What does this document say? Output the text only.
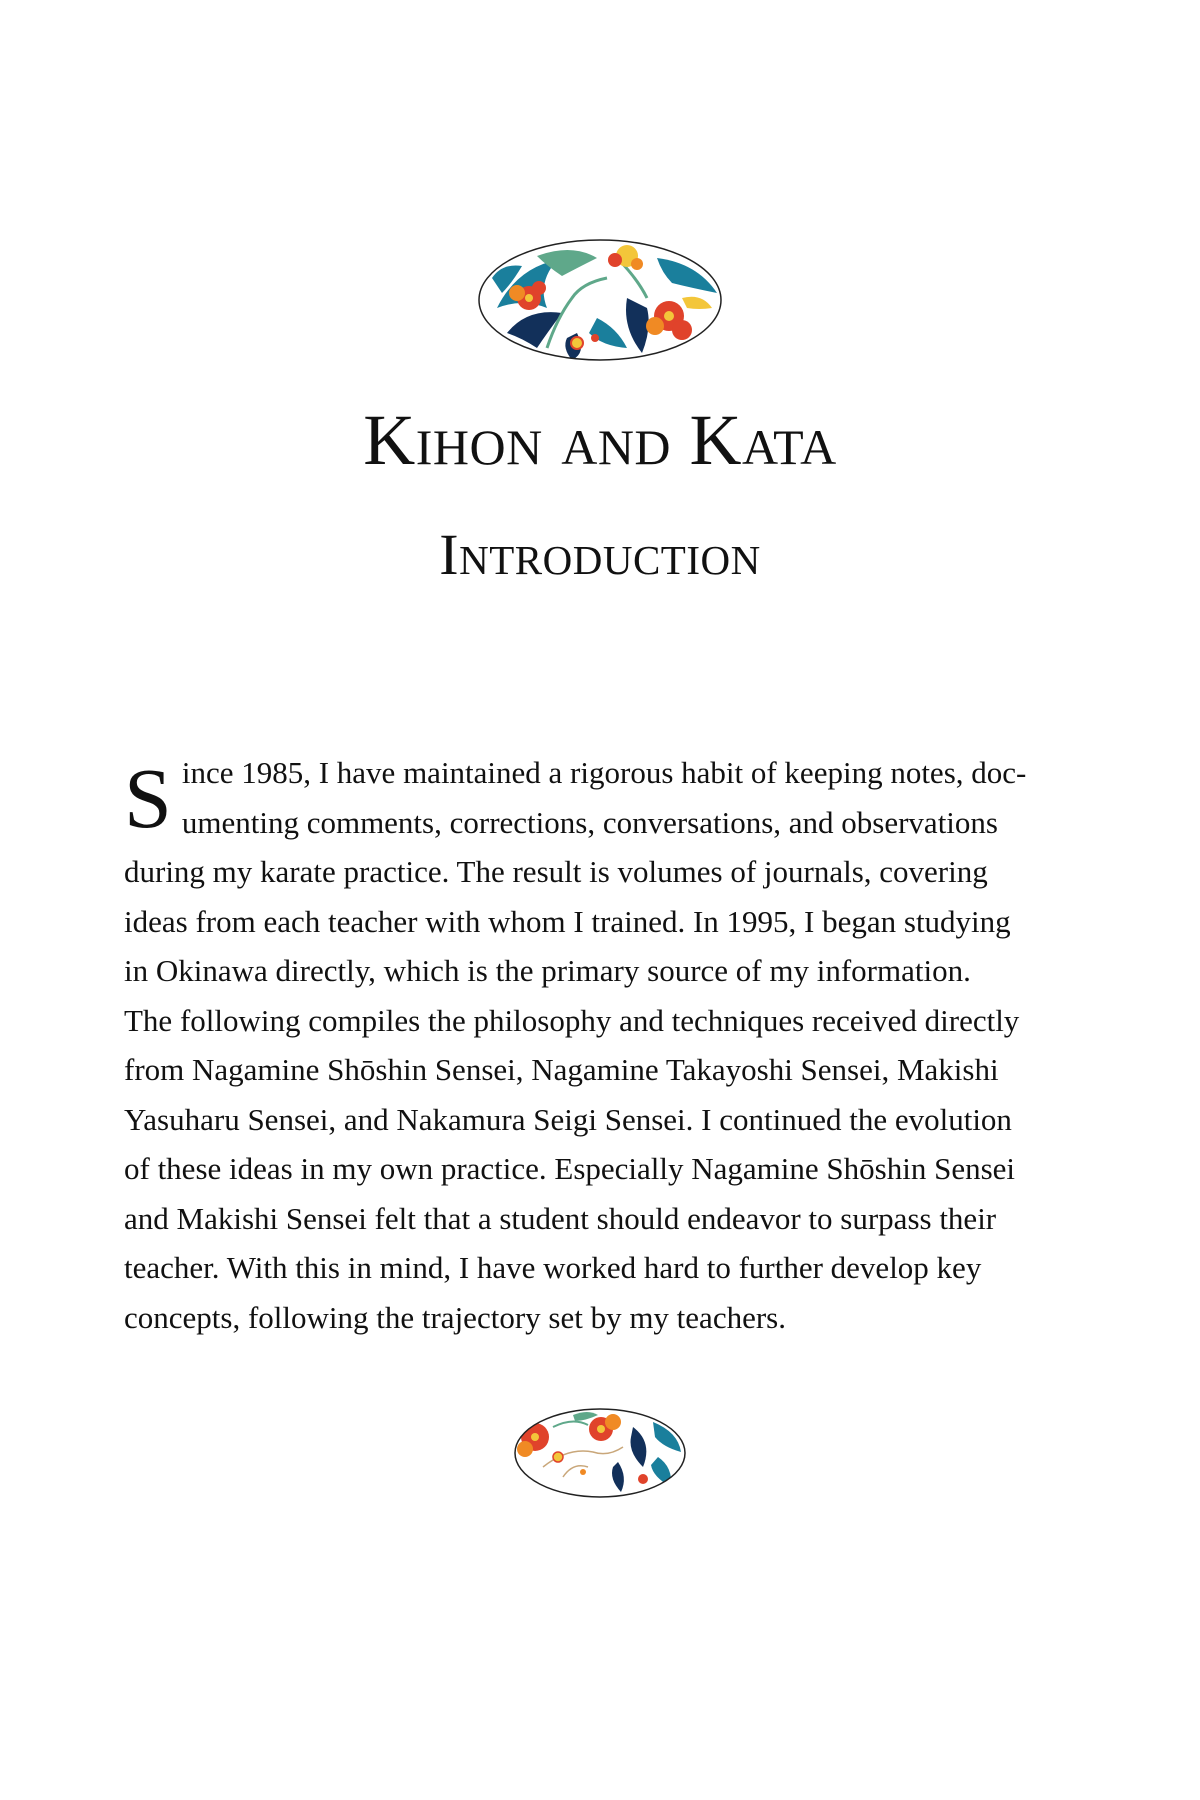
Kihon and Kata
Introduction

S ince 1985, I have maintained a rigorous habit of keeping notes, doc-
umenting comments, corrections, conversations, and observations
during my karate practice. The result is volumes of journals, covering
ideas from each teacher with whom I trained. In 1995, I began studying
in Okinawa directly, which is the primary source of my information.
The following compiles the philosophy and techniques received directly
from Nagamine Shōshin Sensei, Nagamine Takayoshi Sensei, Makishi
Yasuharu Sensei, and Nakamura Seigi Sensei. I continued the evolution
of these ideas in my own practice. Especially Nagamine Shōshin Sensei
and Makishi Sensei felt that a student should endeavor to surpass their
teacher. With this in mind, I have worked hard to further develop key
concepts, following the trajectory set by my teachers.
